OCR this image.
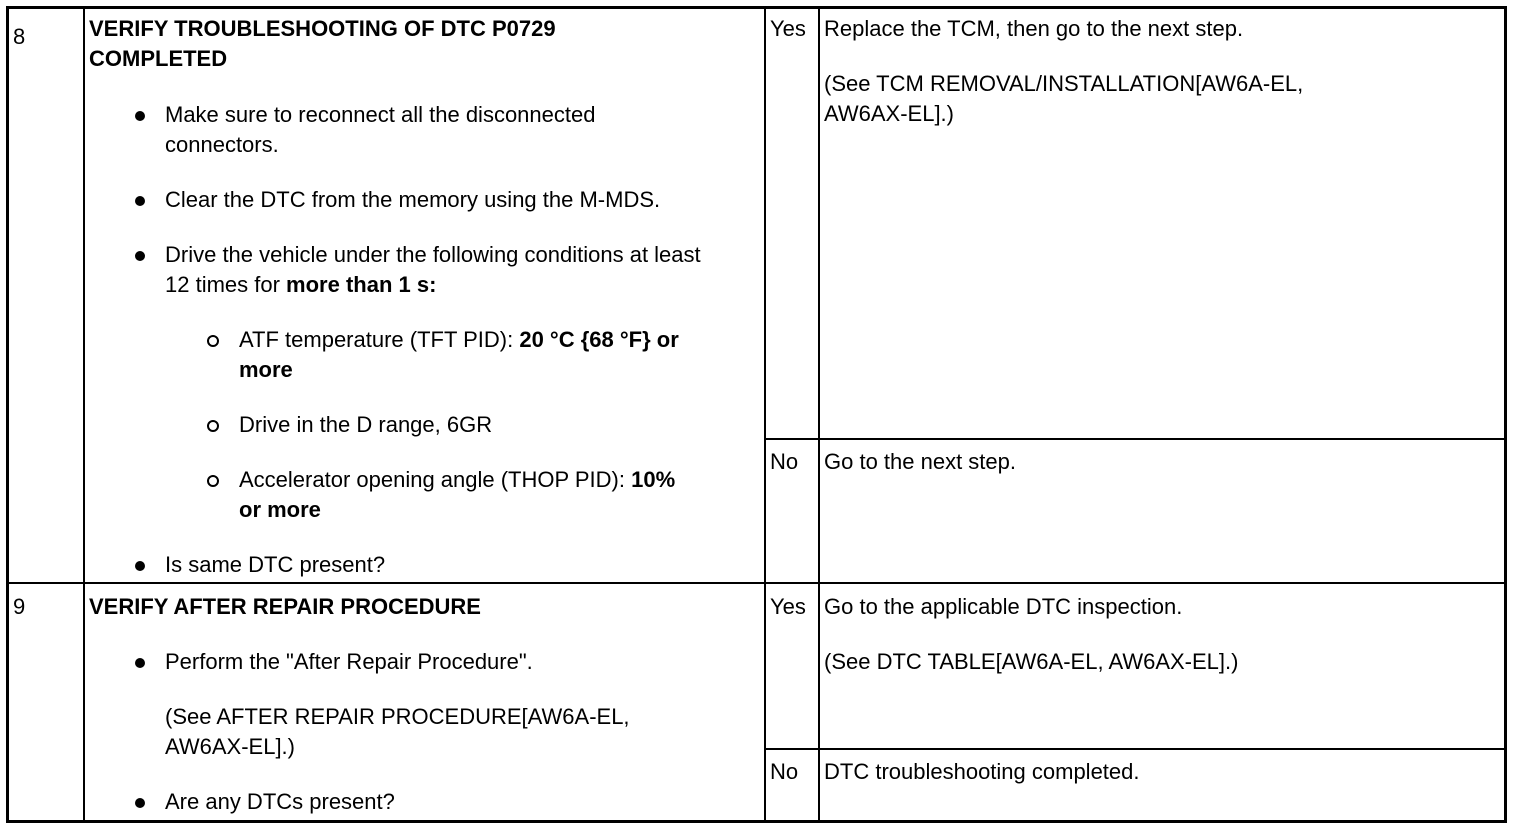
8	VERIFY TROUBLESHOOTING OF DTC P0729
COMPLETED
Make sure to reconnect all the disconnected connectors.
Clear the DTC from the memory using the M-MDS.
Drive the vehicle under the following conditions at least 12 times for more than 1 s:
ATF temperature (TFT PID): 20 °C {68 °F} or more
Drive in the D range, 6GR
Accelerator opening angle (THOP PID): 10% or more
Is same DTC present?
Yes Replace the TCM, then go to the next step.
(See TCM REMOVAL/INSTALLATION[AW6A-EL, AW6AX-EL].)
No Go to the next step.
9	VERIFY AFTER REPAIR PROCEDURE
Perform the "After Repair Procedure".
(See AFTER REPAIR PROCEDURE[AW6A-EL, AW6AX-EL].)
Are any DTCs present?
Yes Go to the applicable DTC inspection.
(See DTC TABLE[AW6A-EL, AW6AX-EL].)
No DTC troubleshooting completed.
